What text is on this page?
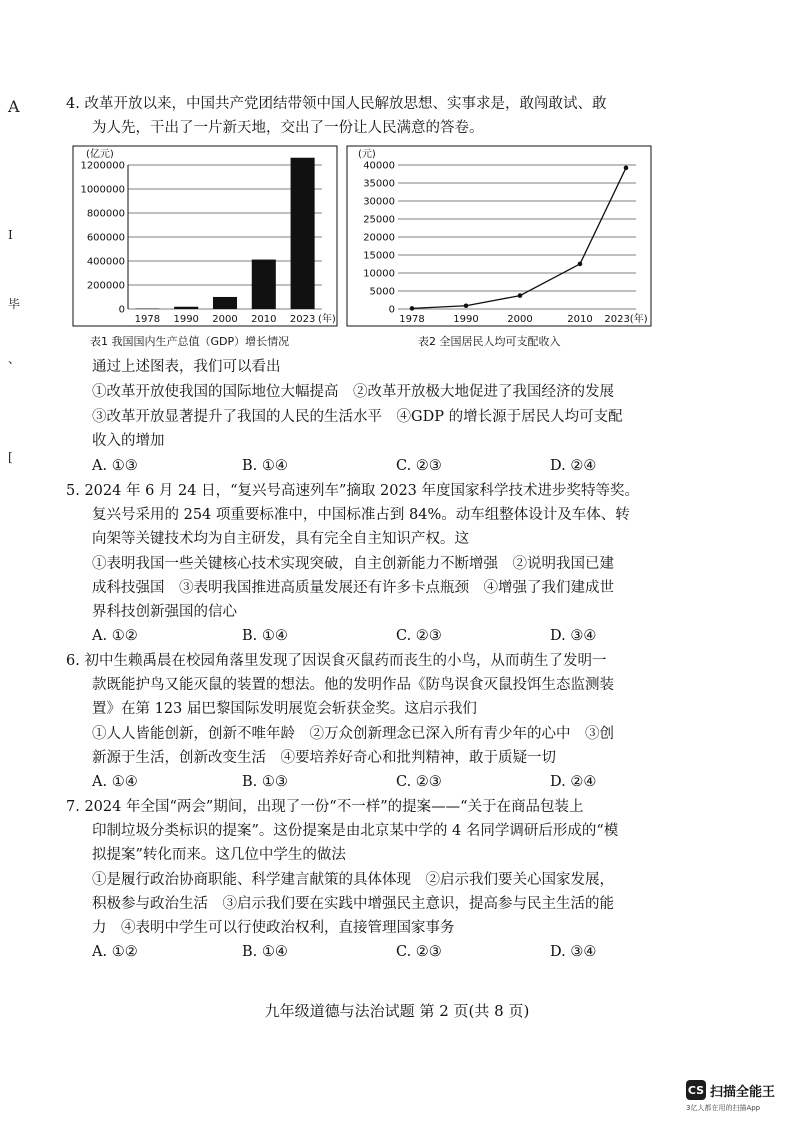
A
I
毕
、
[
4. 改革开放以来，中国共产党团结带领中国人民解放思想、实事求是，敢闯敢试、敢
为人先，干出了一片新天地，交出了一份让人民满意的答卷。
(亿元)
0
200000
400000
600000
800000
1000000
1200000
1978 1990 2000 2010 2023 (年)
表1 我国国内生产总值（GDP）增长情况
(元)
0
5000
10000
15000
20000
25000
30000
35000
40000
1978	1990	2000	2010 2023(年)
表2 全国居民人均可支配收入
通过上述图表，我们可以看出
①改革开放使我国的国际地位大幅提高　②改革开放极大地促进了我国经济的发展
③改革开放显著提升了我国的人民的生活水平　④GDP 的增长源于居民人均可支配
收入的增加
A. ①③	B. ①④	C. ②③	D. ②④
5. 2024 年 6 月 24 日，“复兴号高速列车”摘取 2023 年度国家科学技术进步奖特等奖。
复兴号采用的 254 项重要标准中，中国标准占到 84%。动车组整体设计及车体、转
向架等关键技术均为自主研发，具有完全自主知识产权。这
①表明我国一些关键核心技术实现突破，自主创新能力不断增强　②说明我国已建
成科技强国　③表明我国推进高质量发展还有许多卡点瓶颈　④增强了我们建成世
界科技创新强国的信心
A. ①②	B. ①④	C. ②③	D. ③④
6. 初中生赖禹晨在校园角落里发现了因误食灭鼠药而丧生的小鸟，从而萌生了发明一
款既能护鸟又能灭鼠的装置的想法。他的发明作品《防鸟误食灭鼠投饵生态监测装
置》在第 123 届巴黎国际发明展览会斩获金奖。这启示我们
①人人皆能创新，创新不唯年龄　②万众创新理念已深入所有青少年的心中　③创
新源于生活，创新改变生活　④要培养好奇心和批判精神，敢于质疑一切
A. ①④	B. ①③	C. ②③	D. ②④
7. 2024 年全国“两会”期间，出现了一份“不一样”的提案——“关于在商品包装上
印制垃圾分类标识的提案”。这份提案是由北京某中学的 4 名同学调研后形成的“模
拟提案”转化而来。这几位中学生的做法
①是履行政治协商职能、科学建言献策的具体体现　②启示我们要关心国家发展，
积极参与政治生活　③启示我们要在实践中增强民主意识，提高参与民主生活的能
力　④表明中学生可以行使政治权利，直接管理国家事务
A. ①②	B. ①④	C. ②③	D. ③④
九年级道德与法治试题 第 2 页(共 8 页)
CS 扫描全能王
3亿人都在用的扫描App
